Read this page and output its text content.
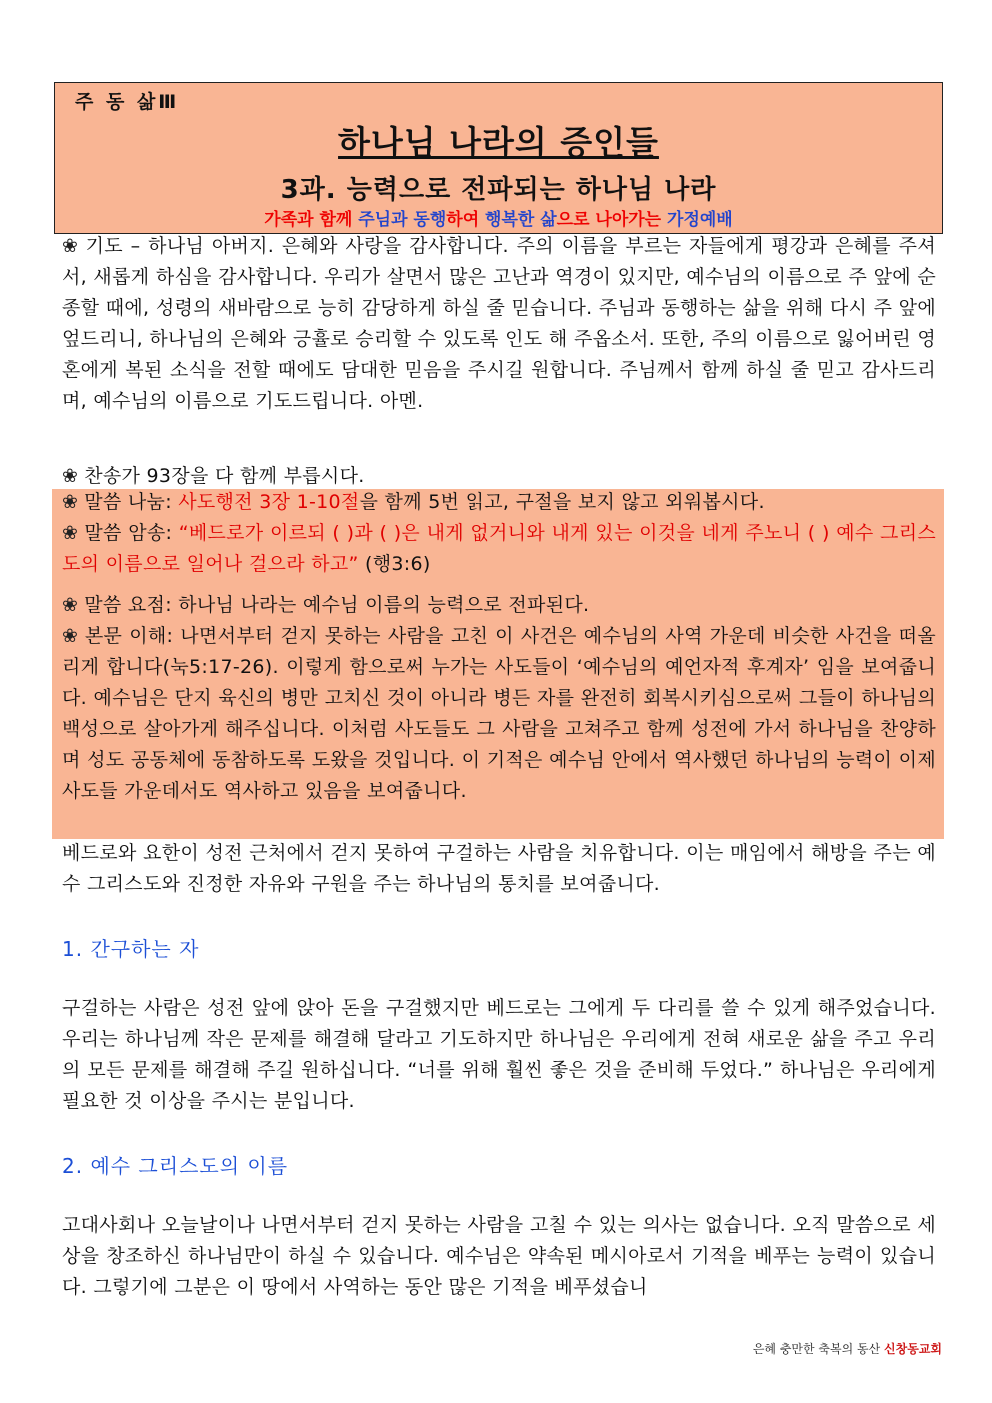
주 동 삶Ⅲ
하나님 나라의 증인들
3과. 능력으로 전파되는 하나님 나라
가족과 함께 주님과 동행하여 행복한 삶으로 나아가는 가정예배
❀ 기도 – 하나님 아버지. 은혜와 사랑을 감사합니다. 주의 이름을 부르는 자들에게 평강과 은혜를 주셔서, 새롭게 하심을 감사합니다. 우리가 살면서 많은 고난과 역경이 있지만, 예수님의 이름으로 주 앞에 순종할 때에, 성령의 새바람으로 능히 감당하게 하실 줄 믿습니다. 주님과 동행하는 삶을 위해 다시 주 앞에 엎드리니, 하나님의 은혜와 긍휼로 승리할 수 있도록 인도 해 주옵소서. 또한, 주의 이름으로 잃어버린 영혼에게 복된 소식을 전할 때에도 담대한 믿음을 주시길 원합니다. 주님께서 함께 하실 줄 믿고 감사드리며, 예수님의 이름으로 기도드립니다. 아멘.
❀ 찬송가 93장을 다 함께 부릅시다.
❀ 말씀 나눔: 사도행전 3장 1-10절을 함께 5번 읽고, 구절을 보지 않고 외워봅시다.
❀ 말씀 암송: “베드로가 이르되 ( )과 ( )은 내게 없거니와 내게 있는 이것을 네게 주노니 ( ) 예수 그리스도의 이름으로 일어나 걸으라 하고” (행3:6)
❀ 말씀 요점: 하나님 나라는 예수님 이름의 능력으로 전파된다.
❀ 본문 이해: 나면서부터 걷지 못하는 사람을 고친 이 사건은 예수님의 사역 가운데 비슷한 사건을 떠올리게 합니다(눅5:17-26). 이렇게 함으로써 누가는 사도들이 ‘예수님의 예언자적 후계자’ 임을 보여줍니다. 예수님은 단지 육신의 병만 고치신 것이 아니라 병든 자를 완전히 회복시키심으로써 그들이 하나님의 백성으로 살아가게 해주십니다. 이처럼 사도들도 그 사람을 고쳐주고 함께 성전에 가서 하나님을 찬양하며 성도 공동체에 동참하도록 도왔을 것입니다. 이 기적은 예수님 안에서 역사했던 하나님의 능력이 이제 사도들 가운데서도 역사하고 있음을 보여줍니다.
베드로와 요한이 성전 근처에서 걷지 못하여 구걸하는 사람을 치유합니다. 이는 매임에서 해방을 주는 예수 그리스도와 진정한 자유와 구원을 주는 하나님의 통치를 보여줍니다.
1. 간구하는 자
구걸하는 사람은 성전 앞에 앉아 돈을 구걸했지만 베드로는 그에게 두 다리를 쓸 수 있게 해주었습니다. 우리는 하나님께 작은 문제를 해결해 달라고 기도하지만 하나님은 우리에게 전혀 새로운 삶을 주고 우리의 모든 문제를 해결해 주길 원하십니다. “너를 위해 훨씬 좋은 것을 준비해 두었다.” 하나님은 우리에게 필요한 것 이상을 주시는 분입니다.
2. 예수 그리스도의 이름
고대사회나 오늘날이나 나면서부터 걷지 못하는 사람을 고칠 수 있는 의사는 없습니다. 오직 말씀으로 세상을 창조하신 하나님만이 하실 수 있습니다. 예수님은 약속된 메시아로서 기적을 베푸는 능력이 있습니다. 그렇기에 그분은 이 땅에서 사역하는 동안 많은 기적을 베푸셨습니
은혜 충만한 축복의 동산 신창동교회
